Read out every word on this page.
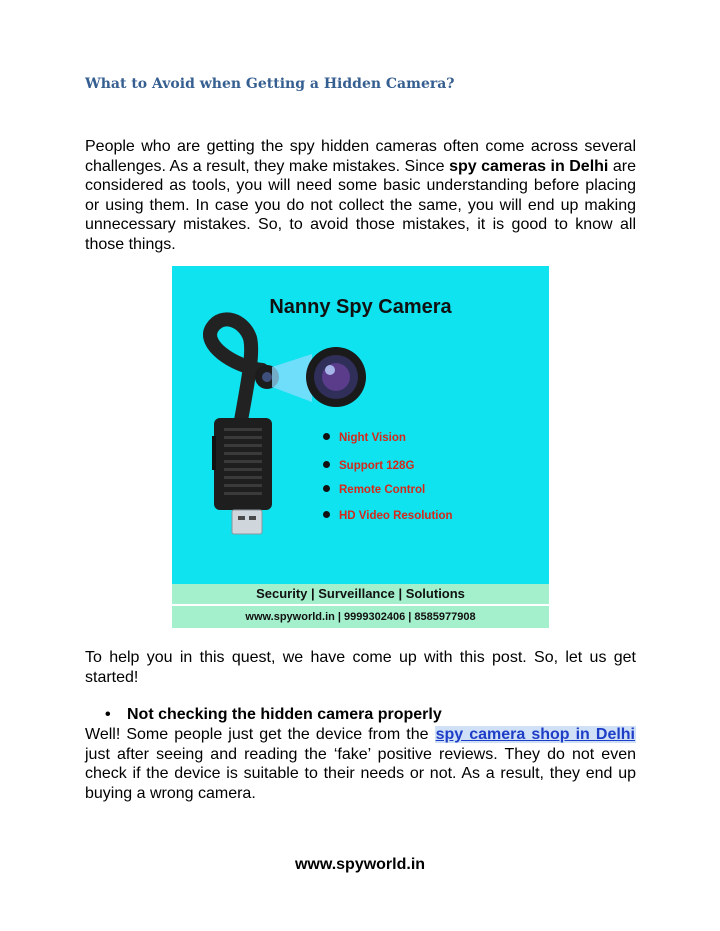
What to Avoid when Getting a Hidden Camera?

People who are getting the spy hidden cameras often come across several challenges. As a result, they make mistakes. Since spy cameras in Delhi are considered as tools, you will need some basic understanding before placing or using them. In case you do not collect the same, you will end up making unnecessary mistakes. So, to avoid those mistakes, it is good to know all those things.

Nanny Spy Camera
Night Vision
Support 128G
Remote Control
HD Video Resolution
Security | Surveillance | Solutions
www.spyworld.in | 9999302406 | 8585977908

To help you in this quest, we have come up with this post. So, let us get started!

• Not checking the hidden camera properly

Well! Some people just get the device from the spy camera shop in Delhi just after seeing and reading the ‘fake’ positive reviews. They do not even check if the device is suitable to their needs or not. As a result, they end up buying a wrong camera.

www.spyworld.in
